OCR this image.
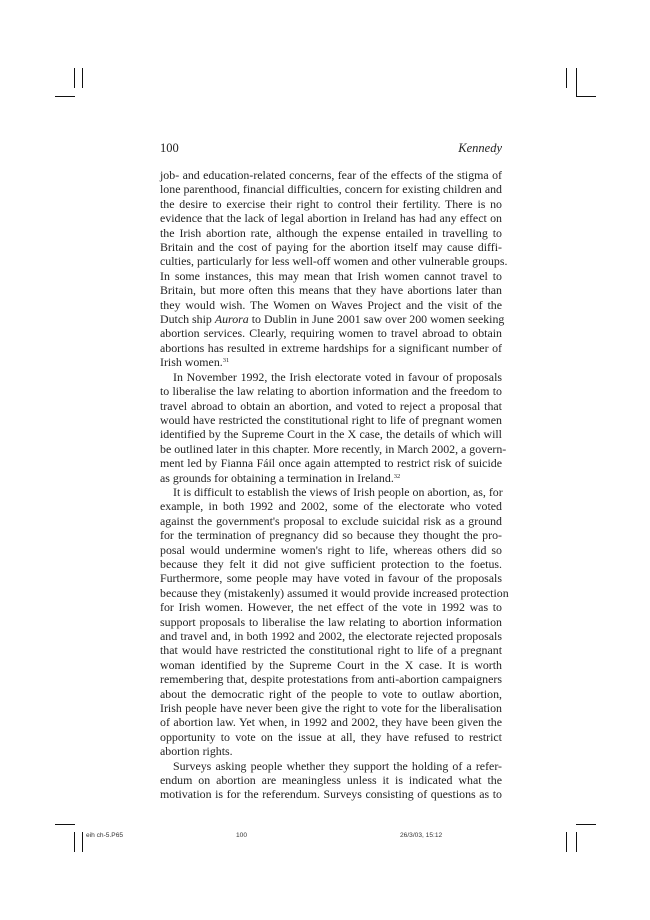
100	Kennedy
job- and education-related concerns, fear of the effects of the stigma of
lone parenthood, financial difficulties, concern for existing children and
the desire to exercise their right to control their fertility. There is no
evidence that the lack of legal abortion in Ireland has had any effect on
the Irish abortion rate, although the expense entailed in travelling to
Britain and the cost of paying for the abortion itself may cause diffi-
culties, particularly for less well-off women and other vulnerable groups.
In some instances, this may mean that Irish women cannot travel to
Britain, but more often this means that they have abortions later than
they would wish. The Women on Waves Project and the visit of the
Dutch ship Aurora to Dublin in June 2001 saw over 200 women seeking
abortion services. Clearly, requiring women to travel abroad to obtain
abortions has resulted in extreme hardships for a significant number of
Irish women.$^{31}$
In November 1992, the Irish electorate voted in favour of proposals
to liberalise the law relating to abortion information and the freedom to
travel abroad to obtain an abortion, and voted to reject a proposal that
would have restricted the constitutional right to life of pregnant women
identified by the Supreme Court in the X case, the details of which will
be outlined later in this chapter. More recently, in March 2002, a govern-
ment led by Fianna Fáil once again attempted to restrict risk of suicide
as grounds for obtaining a termination in Ireland.$^{32}$
It is difficult to establish the views of Irish people on abortion, as, for
example, in both 1992 and 2002, some of the electorate who voted
against the government's proposal to exclude suicidal risk as a ground
for the termination of pregnancy did so because they thought the pro-
posal would undermine women's right to life, whereas others did so
because they felt it did not give sufficient protection to the foetus.
Furthermore, some people may have voted in favour of the proposals
because they (mistakenly) assumed it would provide increased protection
for Irish women. However, the net effect of the vote in 1992 was to
support proposals to liberalise the law relating to abortion information
and travel and, in both 1992 and 2002, the electorate rejected proposals
that would have restricted the constitutional right to life of a pregnant
woman identified by the Supreme Court in the X case. It is worth
remembering that, despite protestations from anti-abortion campaigners
about the democratic right of the people to vote to outlaw abortion,
Irish people have never been give the right to vote for the liberalisation
of abortion law. Yet when, in 1992 and 2002, they have been given the
opportunity to vote on the issue at all, they have refused to restrict
abortion rights.
Surveys asking people whether they support the holding of a refer-
endum on abortion are meaningless unless it is indicated what the
motivation is for the referendum. Surveys consisting of questions as to
eih ch-5.P65	100	26/3/03, 15:12
